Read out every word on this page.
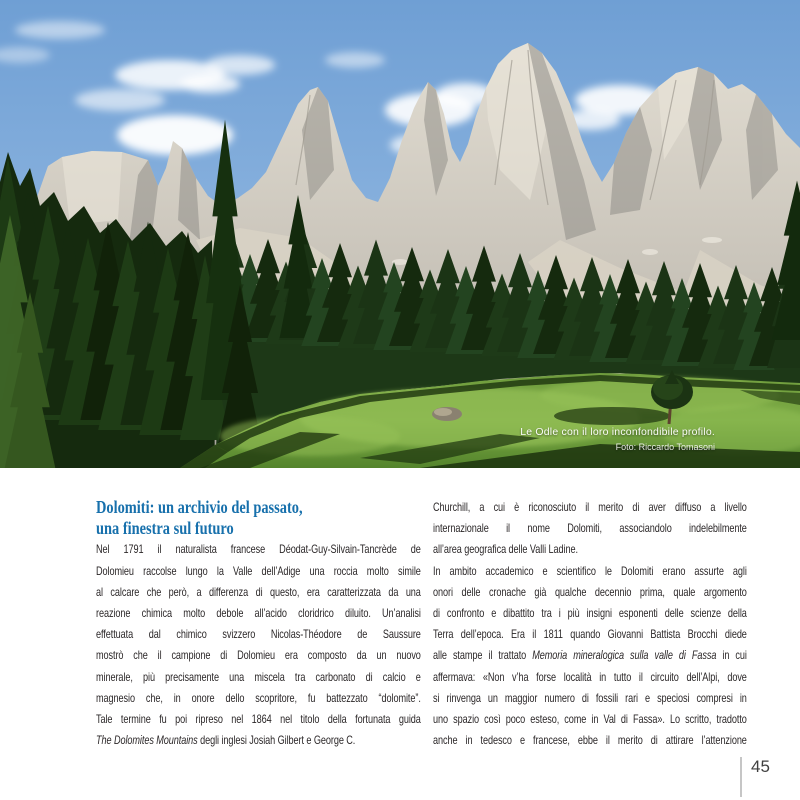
Le Odle con il loro inconfondibile profilo.
Foto: Riccardo Tomasoni
Dolomiti: un archivio del passato,
una finestra sul futuro
Nel 1791 il naturalista francese Déodat-Guy-Silvain-Tancrède de
Dolomieu raccolse lungo la Valle dell’Adige una roccia molto simile
al calcare che però, a differenza di questo, era caratterizzata da una
reazione chimica molto debole all’acido cloridrico diluito. Un’analisi
effettuata dal chimico svizzero Nicolas-Théodore de Saussure
mostrò che il campione di Dolomieu era composto da un nuovo
minerale, più precisamente una miscela tra carbonato di calcio e
magnesio che, in onore dello scopritore, fu battezzato “dolomite”.
Tale termine fu poi ripreso nel 1864 nel titolo della fortunata guida
The Dolomites Mountains degli inglesi Josiah Gilbert e George C.
Churchill, a cui è riconosciuto il merito di aver diffuso a livello
internazionale il nome Dolomiti, associandolo indelebilmente
all’area geografica delle Valli Ladine.
In ambito accademico e scientifico le Dolomiti erano assurte agli
onori delle cronache già qualche decennio prima, quale argomento
di confronto e dibattito tra i più insigni esponenti delle scienze della
Terra dell’epoca. Era il 1811 quando Giovanni Battista Brocchi diede
alle stampe il trattato Memoria mineralogica sulla valle di Fassa in cui
affermava: «Non v’ha forse località in tutto il circuito dell’Alpi, dove
si rinvenga un maggior numero di fossili rari e speciosi compresi in
uno spazio così poco esteso, come in Val di Fassa». Lo scritto, tradotto
anche in tedesco e francese, ebbe il merito di attirare l’attenzione
45
